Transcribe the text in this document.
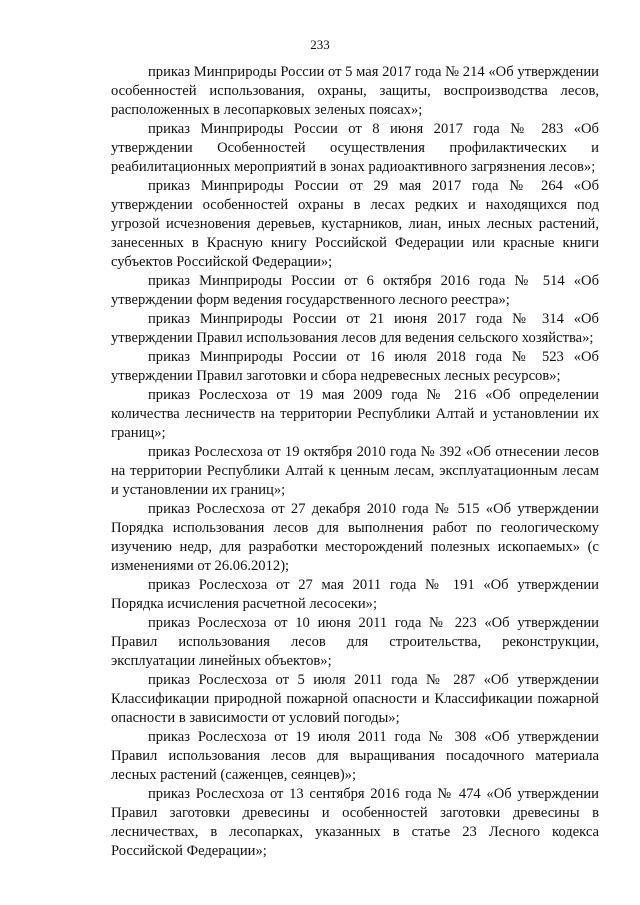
233

приказ Минприроды России от 5 мая 2017 года № 214 «Об утверждении особенностей использования, охраны, защиты, воспроизводства лесов, расположенных в лесопарковых зеленых поясах»;

приказ Минприроды России от 8 июня 2017 года № 283 «Об утверждении Особенностей осуществления профилактических и реабилитационных мероприятий в зонах радиоактивного загрязнения лесов»;

приказ Минприроды России от 29 мая 2017 года № 264 «Об утверждении особенностей охраны в лесах редких и находящихся под угрозой исчезновения деревьев, кустарников, лиан, иных лесных растений, занесенных в Красную книгу Российской Федерации или красные книги субъектов Российской Федерации»;

приказ Минприроды России от 6 октября 2016 года № 514 «Об утверждении форм ведения государственного лесного реестра»;

приказ Минприроды России от 21 июня 2017 года № 314 «Об утверждении Правил использования лесов для ведения сельского хозяйства»;

приказ Минприроды России от 16 июля 2018 года № 523 «Об утверждении Правил заготовки и сбора недревесных лесных ресурсов»;

приказ Рослесхоза от 19 мая 2009 года № 216 «Об определении количества лесничеств на территории Республики Алтай и установлении их границ»;

приказ Рослесхоза от 19 октября 2010 года № 392 «Об отнесении лесов на территории Республики Алтай к ценным лесам, эксплуатационным лесам и установлении их границ»;

приказ Рослесхоза от 27 декабря 2010 года № 515 «Об утверждении Порядка использования лесов для выполнения работ по геологическому изучению недр, для разработки месторождений полезных ископаемых» (с изменениями от 26.06.2012);

приказ Рослесхоза от 27 мая 2011 года № 191 «Об утверждении Порядка исчисления расчетной лесосеки»;

приказ Рослесхоза от 10 июня 2011 года № 223 «Об утверждении Правил использования лесов для строительства, реконструкции, эксплуатации линейных объектов»;

приказ Рослесхоза от 5 июля 2011 года № 287 «Об утверждении Классификации природной пожарной опасности и Классификации пожарной опасности в зависимости от условий погоды»;

приказ Рослесхоза от 19 июля 2011 года № 308 «Об утверждении Правил использования лесов для выращивания посадочного материала лесных растений (саженцев, сеянцев)»;

приказ Рослесхоза от 13 сентября 2016 года № 474 «Об утверждении Правил заготовки древесины и особенностей заготовки древесины в лесничествах, в лесопарках, указанных в статье 23 Лесного кодекса Российской Федерации»;
